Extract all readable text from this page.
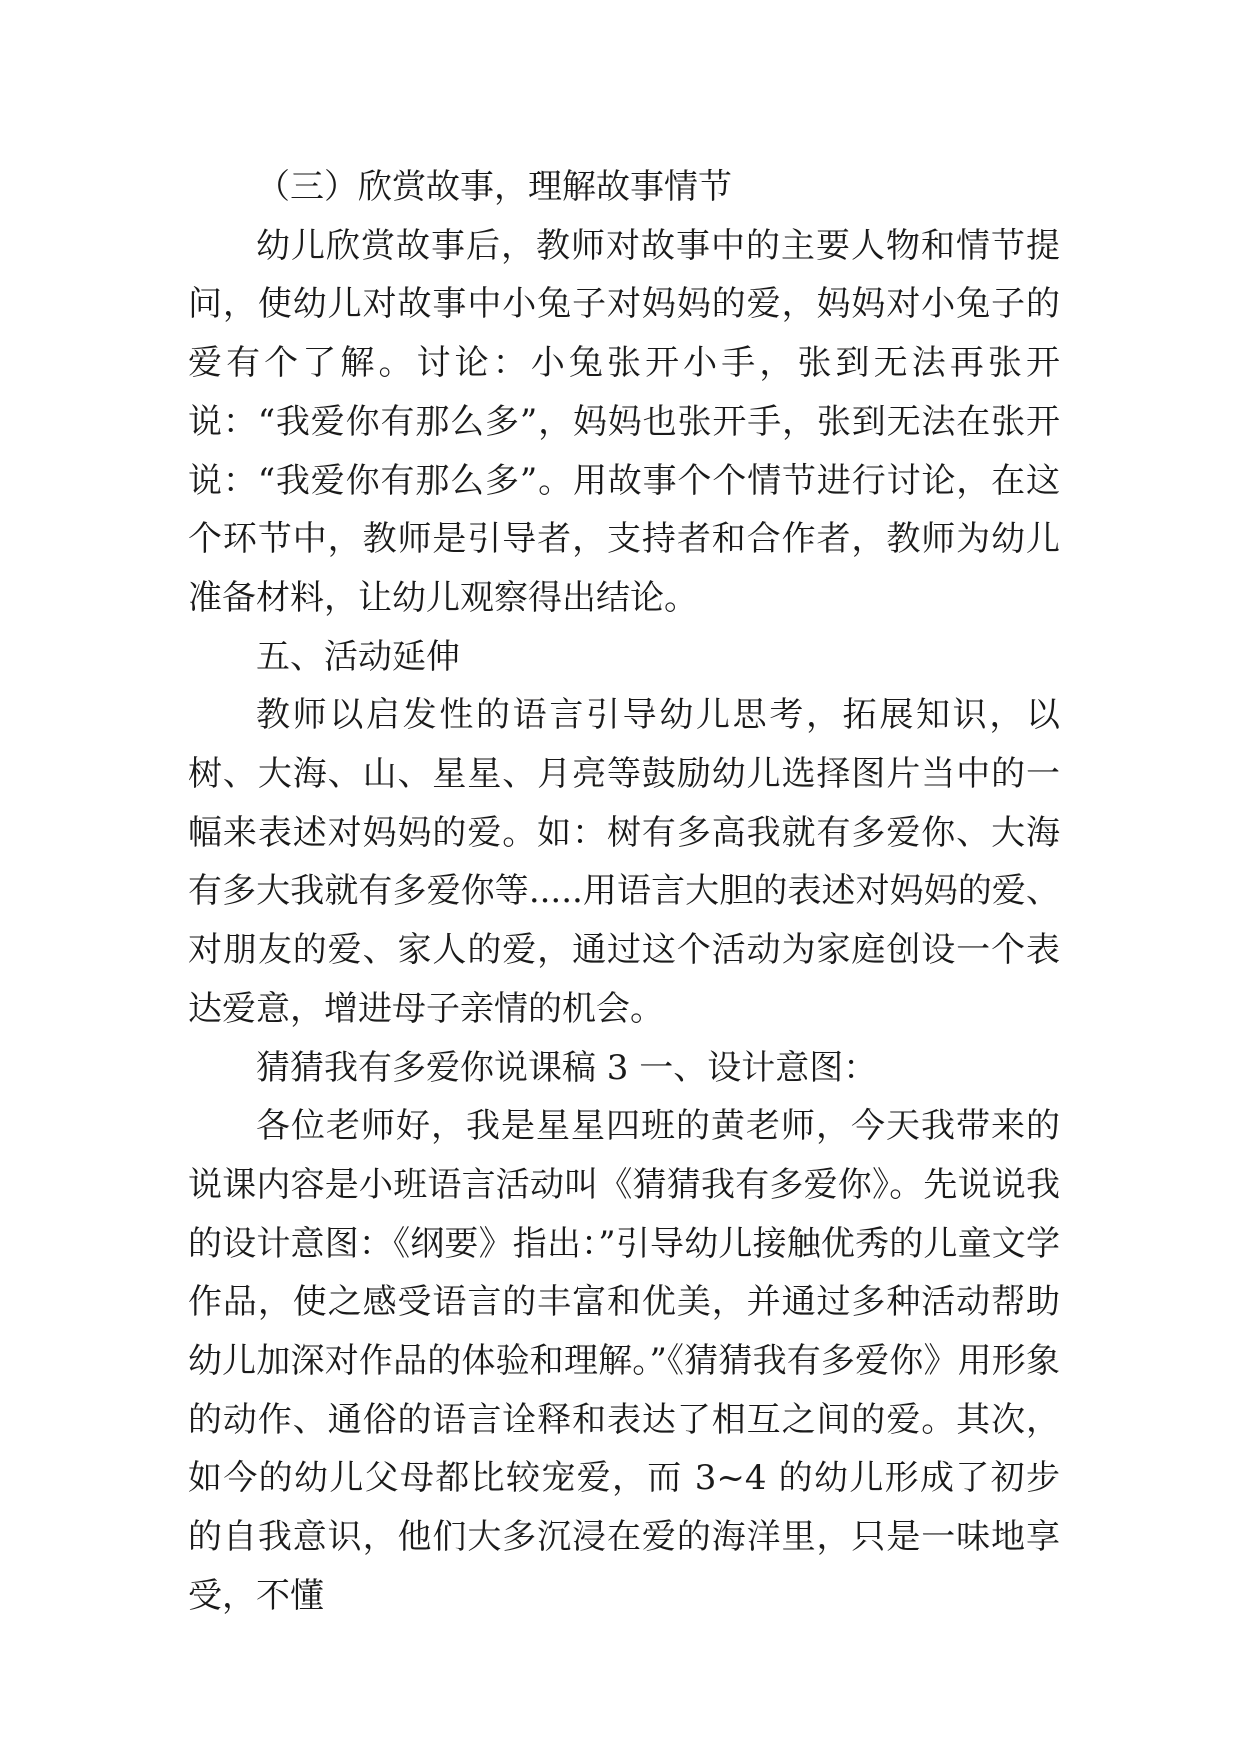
（三）欣赏故事，理解故事情节

幼儿欣赏故事后，教师对故事中的主要人物和情节提问，使幼儿对故事中小兔子对妈妈的爱，妈妈对小兔子的爱有个了解。讨论：小兔张开小手，张到无法再张开说：“我爱你有那么多”，妈妈也张开手，张到无法在张开说：“我爱你有那么多”。用故事个个情节进行讨论，在这个环节中，教师是引导者，支持者和合作者，教师为幼儿准备材料，让幼儿观察得出结论。

五、活动延伸

教师以启发性的语言引导幼儿思考，拓展知识，以树、大海、山、星星、月亮等鼓励幼儿选择图片当中的一幅来表述对妈妈的爱。如：树有多高我就有多爱你、大海有多大我就有多爱你等.....用语言大胆的表述对妈妈的爱、对朋友的爱、家人的爱，通过这个活动为家庭创设一个表达爱意，增进母子亲情的机会。

猜猜我有多爱你说课稿 3 一、设计意图：

各位老师好，我是星星四班的黄老师，今天我带来的说课内容是小班语言活动叫《猜猜我有多爱你》。先说说我的设计意图：《纲要》指出：”引导幼儿接触优秀的儿童文学作品，使之感受语言的丰富和优美，并通过多种活动帮助幼儿加深对作品的体验和理解。”《猜猜我有多爱你》用形象的动作、通俗的语言诠释和表达了相互之间的爱。其次，如今的幼儿父母都比较宠爱，而 3~4 的幼儿形成了初步的自我意识，他们大多沉浸在爱的海洋里，只是一味地享受，不懂
